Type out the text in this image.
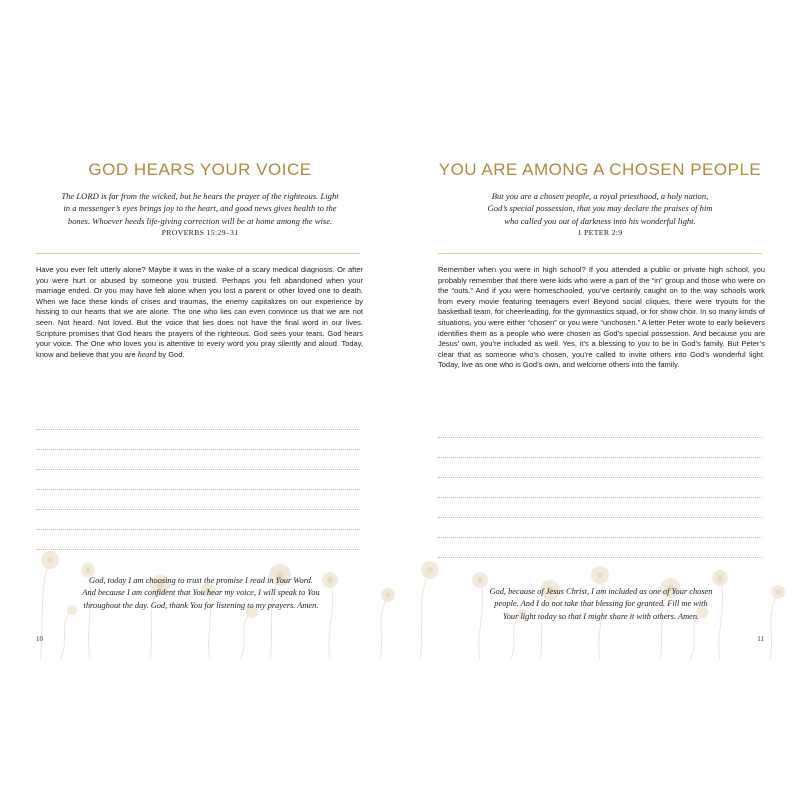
GOD HEARS YOUR VOICE
The LORD is far from the wicked, but he hears the prayer of the righteous. Light
in a messenger’s eyes brings joy to the heart, and good news gives health to the
bones. Whoever heeds life-giving correction will be at home among the wise.
PROVERBS 15:29–31

Have you ever felt utterly alone? Maybe it was in the wake of a scary medical diagnosis. Or after you were hurt or abused by someone you trusted. Perhaps you felt abandoned when your marriage ended. Or you may have felt alone when you lost a parent or other loved one to death. When we face these kinds of crises and traumas, the enemy capitalizes on our experience by hissing to our hearts that we are alone. The one who lies can even convince us that we are not seen. Not heard. Not loved. But the voice that lies does not have the final word in our lives. Scripture promises that God hears the prayers of the righteous. God sees your tears. God hears your voice. The One who loves you is attentive to every word you pray silently and aloud. Today, know and believe that you are heard by God.

God, today I am choosing to trust the promise I read in Your Word.
And because I am confident that You hear my voice, I will speak to You
throughout the day. God, thank You for listening to my prayers. Amen.
10
YOU ARE AMONG A CHOSEN PEOPLE
But you are a chosen people, a royal priesthood, a holy nation,
God’s special possession, that you may declare the praises of him
who called you out of darkness into his wonderful light.
1 PETER 2:9

Remember when you were in high school? If you attended a public or private high school, you probably remember that there were kids who were a part of the “in” group and those who were on the “outs.” And if you were homeschooled, you’ve certainly caught on to the way schools work from every movie featuring teenagers ever! Beyond social cliques, there were tryouts for the basketball team, for cheerleading, for the gymnastics squad, or for show choir. In so many kinds of situations, you were either “chosen” or you were “unchosen.” A letter Peter wrote to early believers identifies them as a people who were chosen as God’s special possession. And because you are Jesus’ own, you’re included as well. Yes, it’s a blessing to you to be in God’s family. But Peter’s clear that as someone who’s chosen, you’re called to invite others into God’s wonderful light. Today, live as one who is God’s own, and welcome others into the family.

God, because of Jesus Christ, I am included as one of Your chosen
people. And I do not take that blessing for granted. Fill me with
Your light today so that I might share it with others. Amen.
11
